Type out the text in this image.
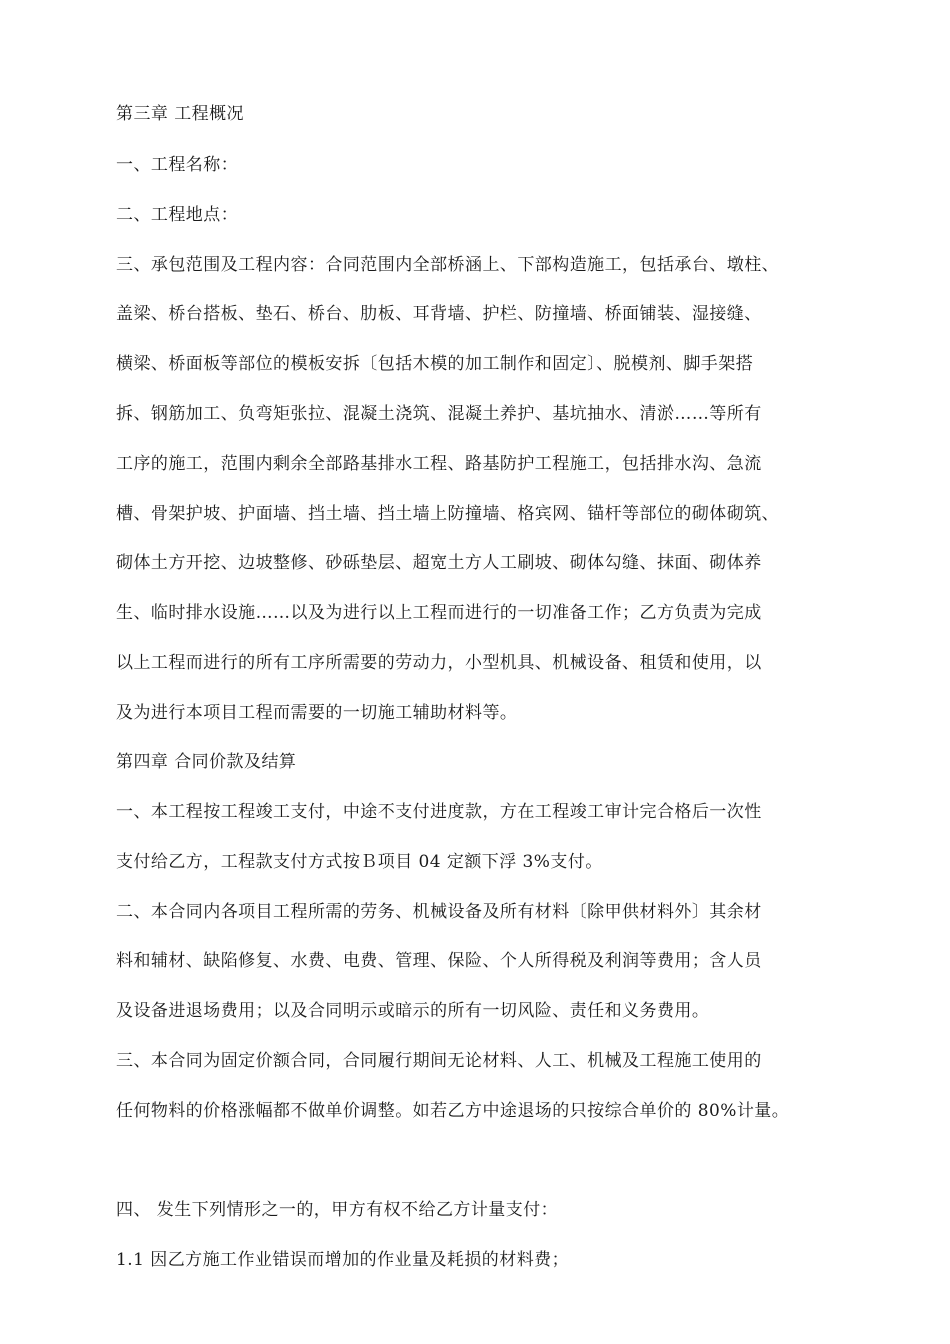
第三章 工程概况
一、工程名称：
二、工程地点：
三、承包范围及工程内容：合同范围内全部桥涵上、下部构造施工，包括承台、墩柱、
盖梁、桥台搭板、垫石、桥台、肋板、耳背墙、护栏、防撞墙、桥面铺装、湿接缝、
横梁、桥面板等部位的模板安拆〔包括木模的加工制作和固定〕、脱模剂、脚手架搭
拆、钢筋加工、负弯矩张拉、混凝土浇筑、混凝土养护、基坑抽水、清淤……等所有
工序的施工，范围内剩余全部路基排水工程、路基防护工程施工，包括排水沟、急流
槽、骨架护坡、护面墙、挡土墙、挡土墙上防撞墙、格宾网、锚杆等部位的砌体砌筑、
砌体土方开挖、边坡整修、砂砾垫层、超宽土方人工刷坡、砌体勾缝、抹面、砌体养
生、临时排水设施……以及为进行以上工程而进行的一切准备工作；乙方负责为完成
以上工程而进行的所有工序所需要的劳动力，小型机具、机械设备、租赁和使用，以
及为进行本项目工程而需要的一切施工辅助材料等。
第四章 合同价款及结算
一、本工程按工程竣工支付，中途不支付进度款，方在工程竣工审计完合格后一次性
支付给乙方，工程款支付方式按Ｂ项目 04 定额下浮 3%支付。
二、本合同内各项目工程所需的劳务、机械设备及所有材料〔除甲供材料外〕其余材
料和辅材、缺陷修复、水费、电费、管理、保险、个人所得税及利润等费用；含人员
及设备进退场费用；以及合同明示或暗示的所有一切风险、责任和义务费用。
三、本合同为固定价额合同，合同履行期间无论材料、人工、机械及工程施工使用的
任何物料的价格涨幅都不做单价调整。如若乙方中途退场的只按综合单价的 80%计量。
四、 发生下列情形之一的，甲方有权不给乙方计量支付：
1.1 因乙方施工作业错误而增加的作业量及耗损的材料费；
